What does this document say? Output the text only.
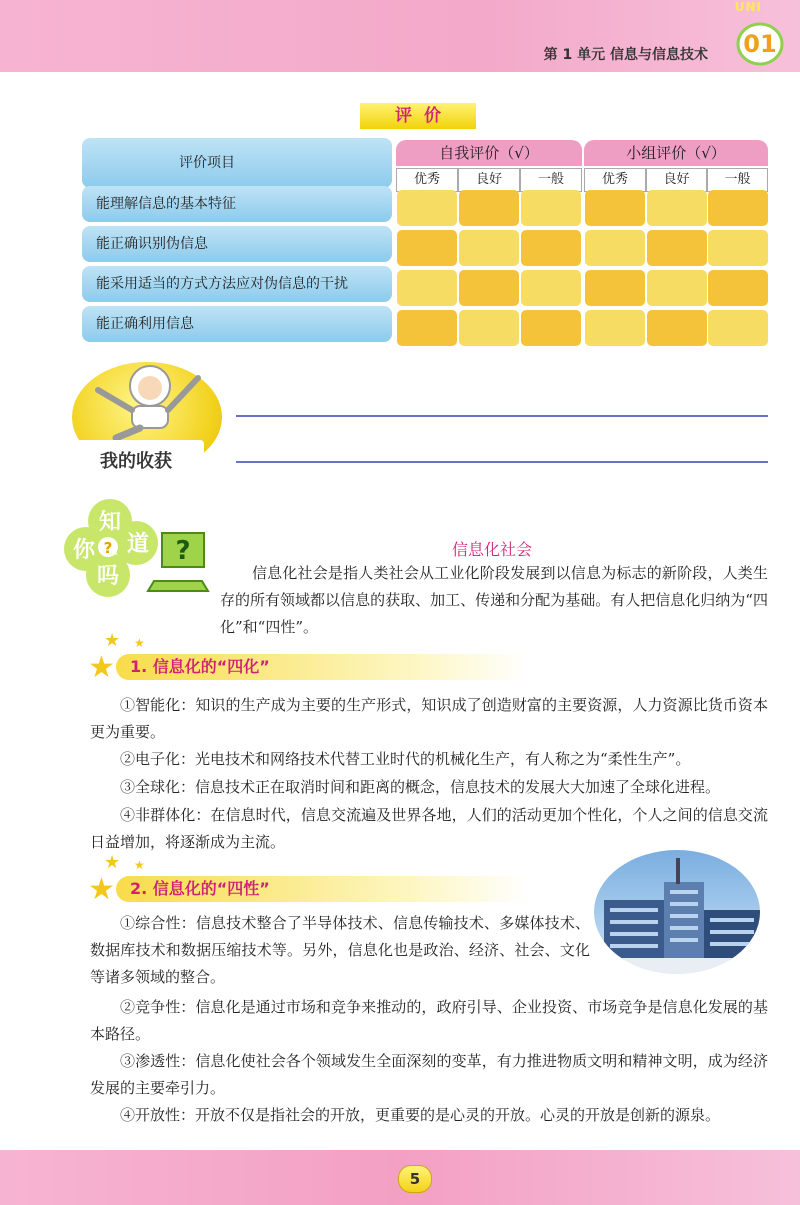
UNI
01
第 1 单元 信息与信息技术
评价
评价项目
自我评价（√）	小组评价（√）
优秀	良好	一般	优秀	良好	一般
能理解信息的基本特征
能正确识别伪信息
能采用适当的方式方法应对伪信息的干扰
能正确利用信息
我的收获
知
道
你 ?
吗
?	信息化社会
信息化社会是指人类社会从工业化阶段发展到以信息为标志的新阶段，人类生存的所有领域都以信息的获取、加工、传递和分配为基础。有人把信息化归纳为“四化”和“四性”。
★ ★
★ 1. 信息化的“四化”
①智能化：知识的生产成为主要的生产形式，知识成了创造财富的主要资源，人力资源比货币资本更为重要。
②电子化：光电技术和网络技术代替工业时代的机械化生产，有人称之为“柔性生产”。
③全球化：信息技术正在取消时间和距离的概念，信息技术的发展大大加速了全球化进程。
④非群体化：在信息时代，信息交流遍及世界各地，人们的活动更加个性化，个人之间的信息交流日益增加，将逐渐成为主流。
★ ★
★ 2. 信息化的“四性”
①综合性：信息技术整合了半导体技术、信息传输技术、多媒体技术、数据库技术和数据压缩技术等。另外，信息化也是政治、经济、社会、文化等诸多领域的整合。
②竞争性：信息化是通过市场和竞争来推动的，政府引导、企业投资、市场竞争是信息化发展的基本路径。
③渗透性：信息化使社会各个领域发生全面深刻的变革，有力推进物质文明和精神文明，成为经济发展的主要牵引力。
④开放性：开放不仅是指社会的开放，更重要的是心灵的开放。心灵的开放是创新的源泉。
5
